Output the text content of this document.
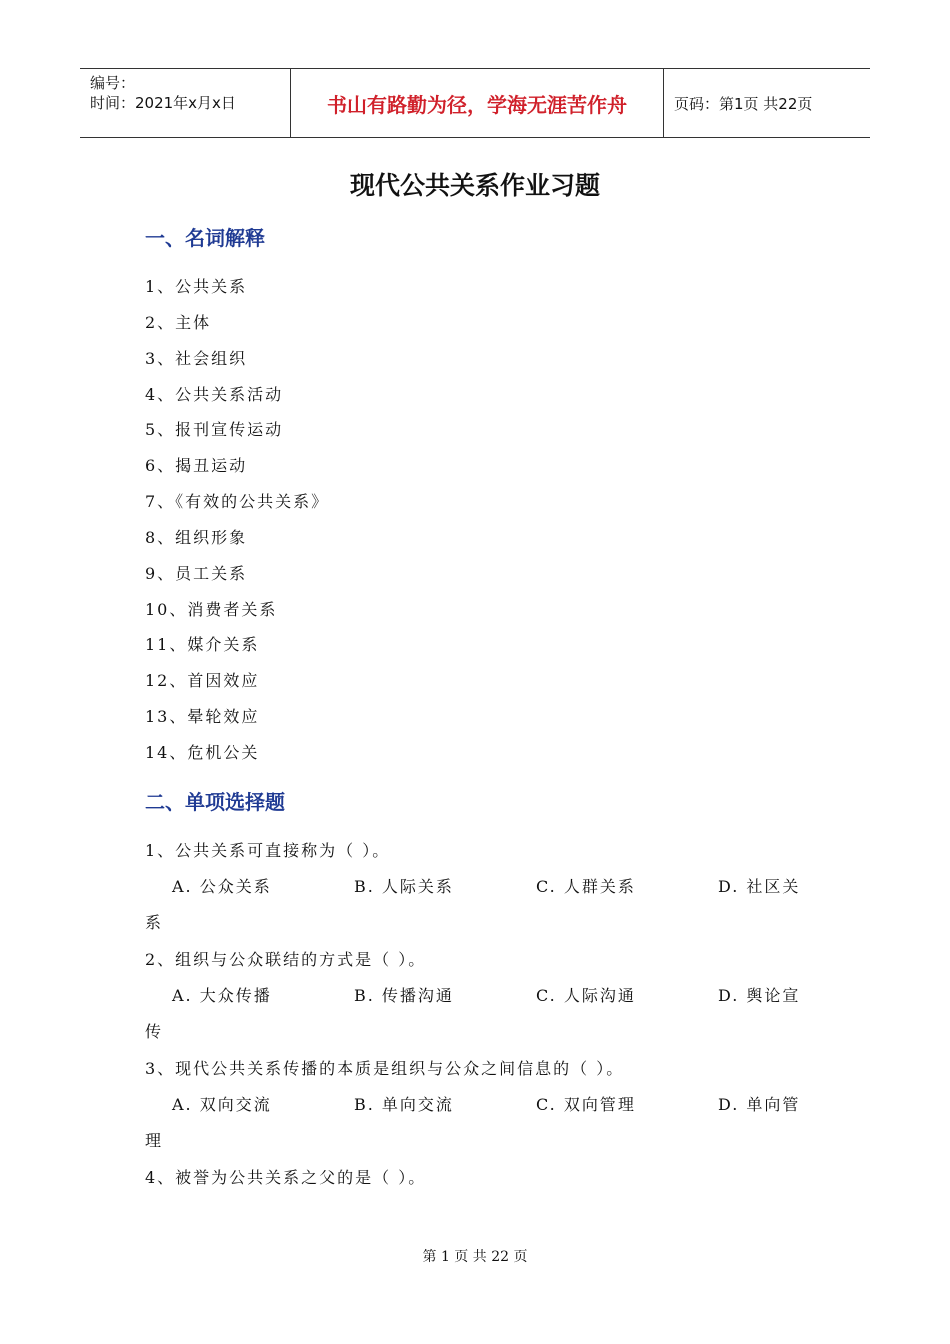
编号：
时间：2021年x月x日	书山有路勤为径，学海无涯苦作舟	页码：第1页 共22页
现代公共关系作业习题
一、名词解释
1、公共关系
2、主体
3、社会组织
4、公共关系活动
5、报刊宣传运动
6、揭丑运动
7、《有效的公共关系》
8、组织形象
9、员工关系
10、消费者关系
11、媒介关系
12、首因效应
13、晕轮效应
14、危机公关
二、单项选择题
1、公共关系可直接称为（ ）。
A. 公众关系	B. 人际关系	C. 人群关系	D. 社区关
系
2、组织与公众联结的方式是（ ）。
A. 大众传播	B. 传播沟通	C. 人际沟通	D. 舆论宣
传
3、现代公共关系传播的本质是组织与公众之间信息的（ ）。
A. 双向交流	B. 单向交流	C. 双向管理	D. 单向管
理
4、被誉为公共关系之父的是（ ）。
第 1 页 共 22 页
